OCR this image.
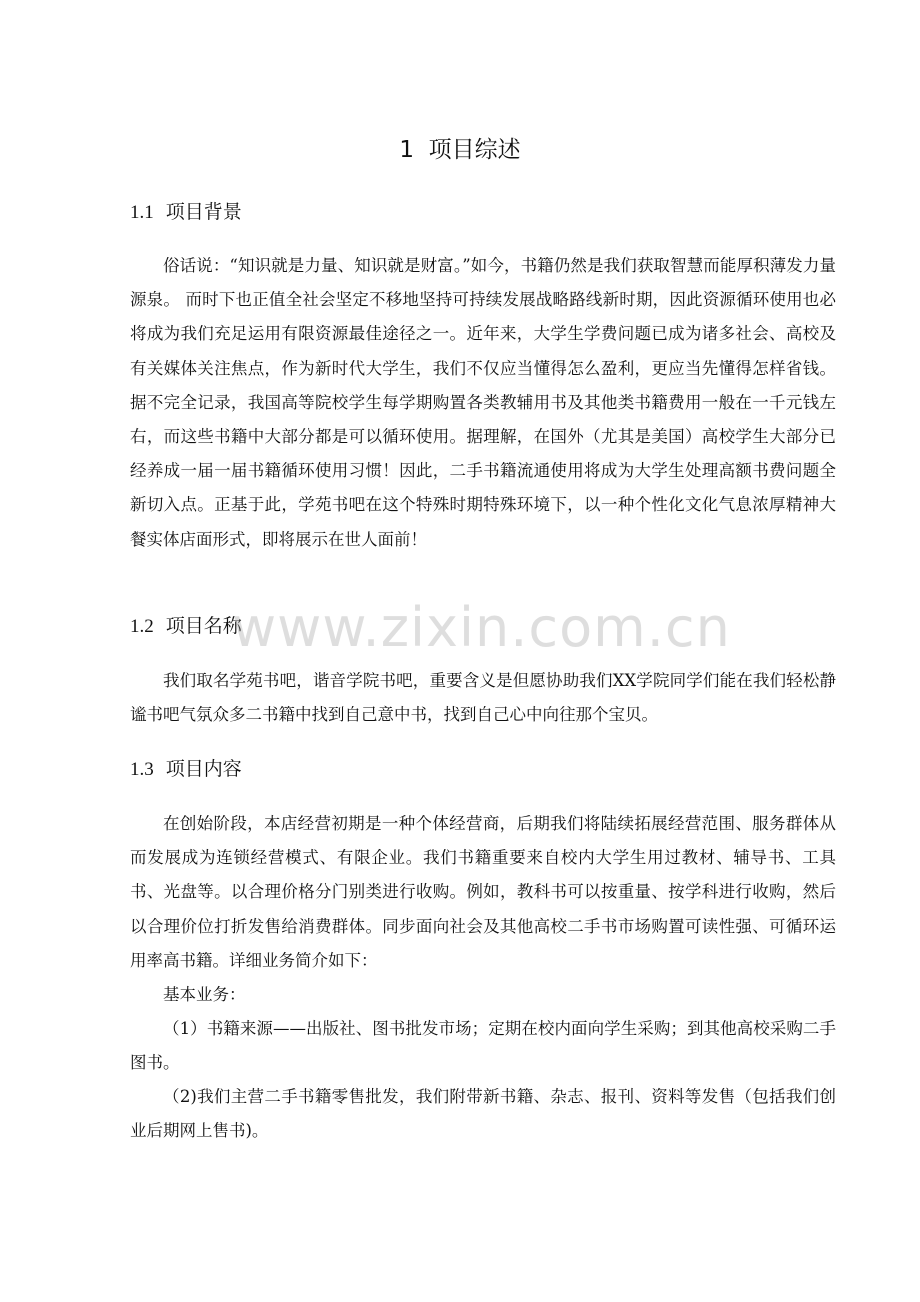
1 项目综述
1.1 项目背景

俗话说：“知识就是力量、知识就是财富。”如今，书籍仍然是我们获取智慧而能厚积薄发力量源泉。 而时下也正值全社会坚定不移地坚持可持续发展战略路线新时期，因此资源循环使用也必将成为我们充足运用有限资源最佳途径之一。近年来，大学生学费问题已成为诸多社会、高校及有关媒体关注焦点，作为新时代大学生，我们不仅应当懂得怎么盈利，更应当先懂得怎样省钱。据不完全记录，我国高等院校学生每学期购置各类教辅用书及其他类书籍费用一般在一千元钱左右，而这些书籍中大部分都是可以循环使用。据理解，在国外（尤其是美国）高校学生大部分已经养成一届一届书籍循环使用习惯！因此，二手书籍流通使用将成为大学生处理高额书费问题全新切入点。正基于此，学苑书吧在这个特殊时期特殊环境下，以一种个性化文化气息浓厚精神大餐实体店面形式，即将展示在世人面前！

1.2 项目名称

我们取名学苑书吧，谐音学院书吧，重要含义是但愿协助我们XX学院同学们能在我们轻松静谧书吧气氛众多二书籍中找到自己意中书，找到自己心中向往那个宝贝。

1.3 项目内容

在创始阶段，本店经营初期是一种个体经营商，后期我们将陆续拓展经营范围、服务群体从而发展成为连锁经营模式、有限企业。我们书籍重要来自校内大学生用过教材、辅导书、工具书、光盘等。以合理价格分门别类进行收购。例如，教科书可以按重量、按学科进行收购，然后以合理价位打折发售给消费群体。同步面向社会及其他高校二手书市场购置可读性强、可循环运用率高书籍。详细业务简介如下：

基本业务：

（1）书籍来源——出版社、图书批发市场；定期在校内面向学生采购；到其他高校采购二手图书。

（2)我们主营二手书籍零售批发，我们附带新书籍、杂志、报刊、资料等发售（包括我们创业后期网上售书)。

www.zixin.com.cn
